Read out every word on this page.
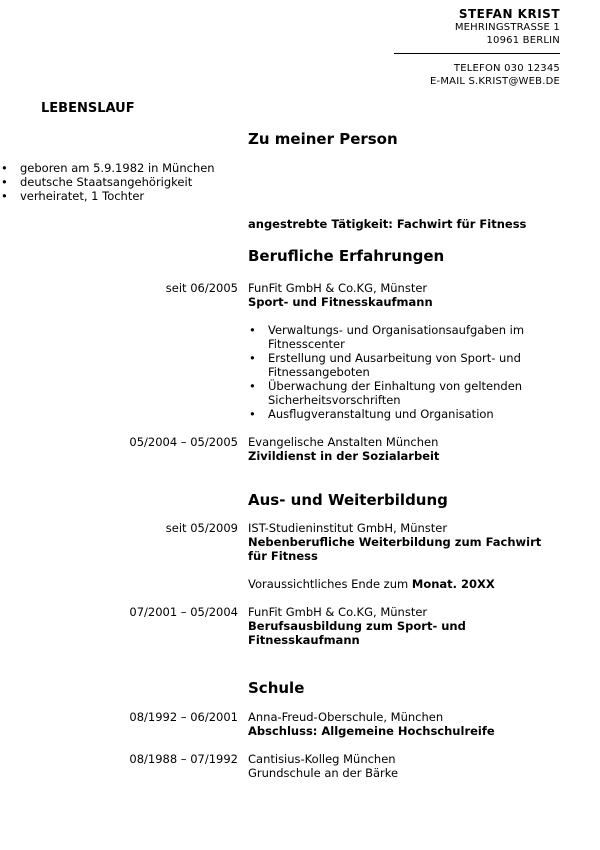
STEFAN KRIST
MEHRINGSTRASSE 1
10961 BERLIN
TELEFON 030 12345
E-MAIL S.KRIST@WEB.DE
LEBENSLAUF
Zu meiner Person
• geboren am 5.9.1982 in München
• deutsche Staatsangehörigkeit
• verheiratet, 1 Tochter
angestrebte Tätigkeit: Fachwirt für Fitness
Berufliche Erfahrungen
seit 06/2005 FunFit GmbH & Co.KG, Münster
Sport- und Fitnesskaufmann
• Verwaltungs- und Organisationsaufgaben im Fitnesscenter
• Erstellung und Ausarbeitung von Sport- und Fitnessangeboten
• Überwachung der Einhaltung von geltenden Sicherheitsvorschriften
• Ausflugveranstaltung und Organisation
05/2004 – 05/2005 Evangelische Anstalten München
Zivildienst in der Sozialarbeit
Aus- und Weiterbildung
seit 05/2009 IST-Studieninstitut GmbH, Münster
Nebenberufliche Weiterbildung zum Fachwirt für Fitness
Voraussichtliches Ende zum Monat. 20XX
07/2001 – 05/2004 FunFit GmbH & Co.KG, Münster
Berufsausbildung zum Sport- und Fitnesskaufmann
Schule
08/1992 – 06/2001 Anna-Freud-Oberschule, München
Abschluss: Allgemeine Hochschulreife
08/1988 – 07/1992 Cantisius-Kolleg München
Grundschule an der Bärke
